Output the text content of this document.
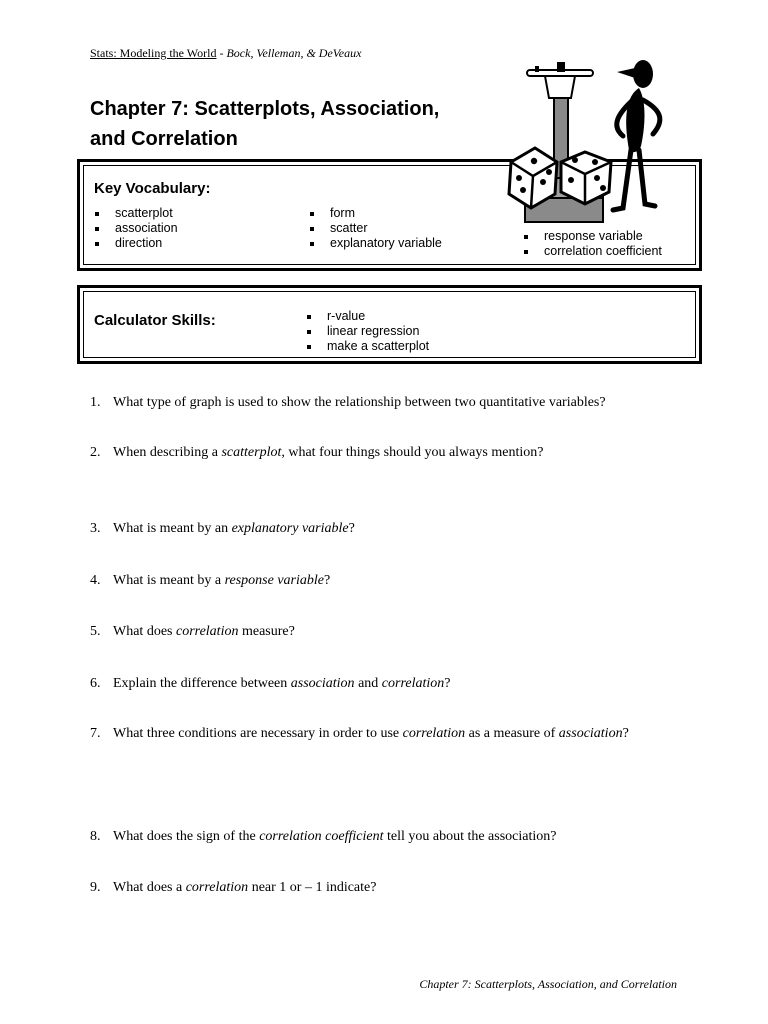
Stats: Modeling the World - Bock, Velleman, & DeVeaux
Chapter 7: Scatterplots, Association,
and Correlation
Key Vocabulary:
scatterplot
association
direction
form
scatter
explanatory variable	response variable
correlation coefficient
Calculator Skills:	r-value
linear regression
make a scatterplot
1. What type of graph is used to show the relationship between two quantitative variables?
2. When describing a scatterplot, what four things should you always mention?
3. What is meant by an explanatory variable?
4. What is meant by a response variable?
5. What does correlation measure?
6. Explain the difference between association and correlation?
7. What three conditions are necessary in order to use correlation as a measure of association?
8. What does the sign of the correlation coefficient tell you about the association?
9. What does a correlation near 1 or – 1 indicate?
Chapter 7: Scatterplots, Association, and Correlation
